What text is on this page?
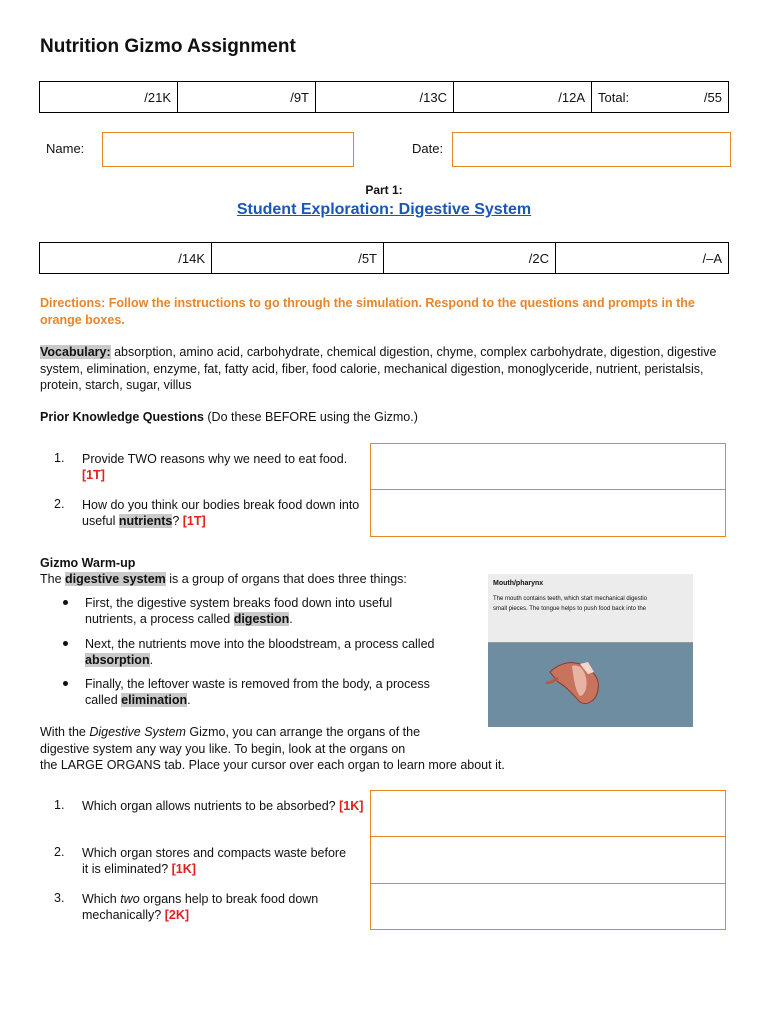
Nutrition Gizmo Assignment
/21K	/9T	/13C	/12A	Total:	/55
Name:	Date:
Part 1:
Student Exploration: Digestive System
/14K	/5T	/2C	/–A
Directions: Follow the instructions to go through the simulation. Respond to the questions and prompts in the orange boxes.
Vocabulary: absorption, amino acid, carbohydrate, chemical digestion, chyme, complex carbohydrate, digestion, digestive system, elimination, enzyme, fat, fatty acid, fiber, food calorie, mechanical digestion, monoglyceride, nutrient, peristalsis, protein, starch, sugar, villus
Prior Knowledge Questions (Do these BEFORE using the Gizmo.)
1. Provide TWO reasons why we need to eat food. [1T]
2. How do you think our bodies break food down into useful nutrients? [1T]

Gizmo Warm-up
The digestive system is a group of organs that does three things:
First, the digestive system breaks food down into useful nutrients, a process called digestion.
Next, the nutrients move into the bloodstream, a process called absorption.
Finally, the leftover waste is removed from the body, a process called elimination.
Mouth/pharynx
The mouth contains teeth, which start mechanical digestio
small pieces. The tongue helps to push food back into the
With the Digestive System Gizmo, you can arrange the organs of the digestive system any way you like. To begin, look at the organs on
the LARGE ORGANS tab. Place your cursor over each organ to learn more about it.
1. Which organ allows nutrients to be absorbed? [1K]
2. Which organ stores and compacts waste before it is eliminated? [1K]
3. Which two organs help to break food down mechanically? [2K]
